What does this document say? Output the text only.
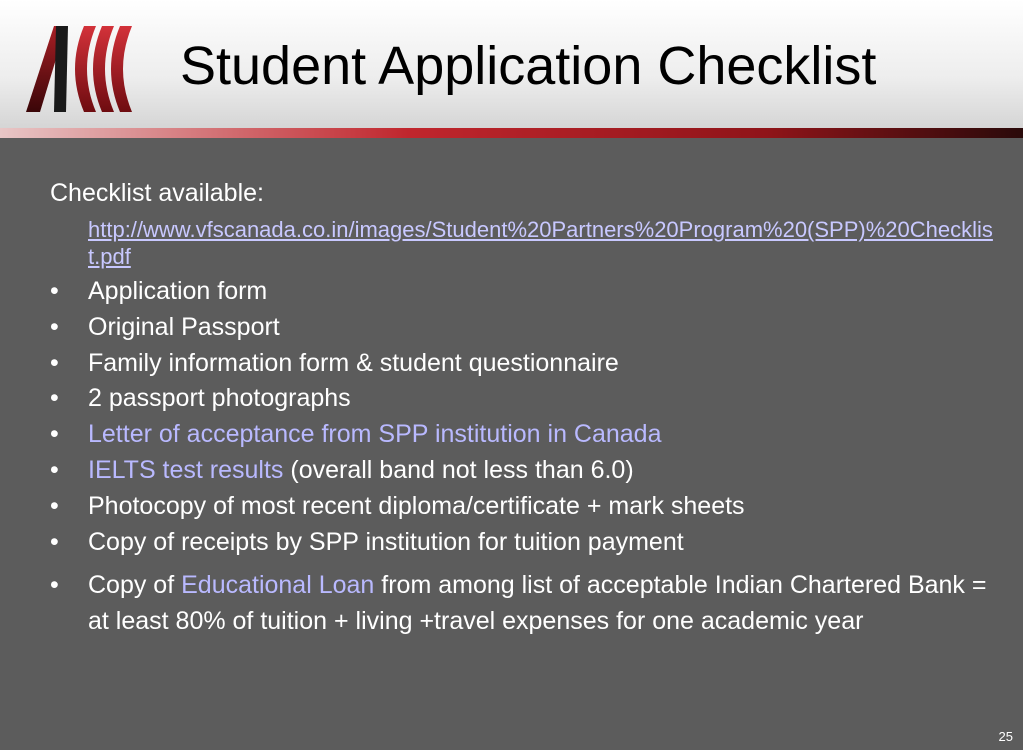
Student Application Checklist
Checklist available:
http://www.vfscanada.co.in/images/Student%20Partners%20Program%20(SPP)%20Checklist.pdf
• Application form
• Original Passport
• Family information form & student questionnaire
• 2 passport photographs
• Letter of acceptance from SPP institution in Canada
• IELTS test results (overall band not less than 6.0)
• Photocopy of most recent diploma/certificate + mark sheets
• Copy of receipts by SPP institution for tuition payment
• Copy of Educational Loan from among list of acceptable Indian Chartered Bank = at least 80% of tuition + living +travel expenses for one academic year
25
